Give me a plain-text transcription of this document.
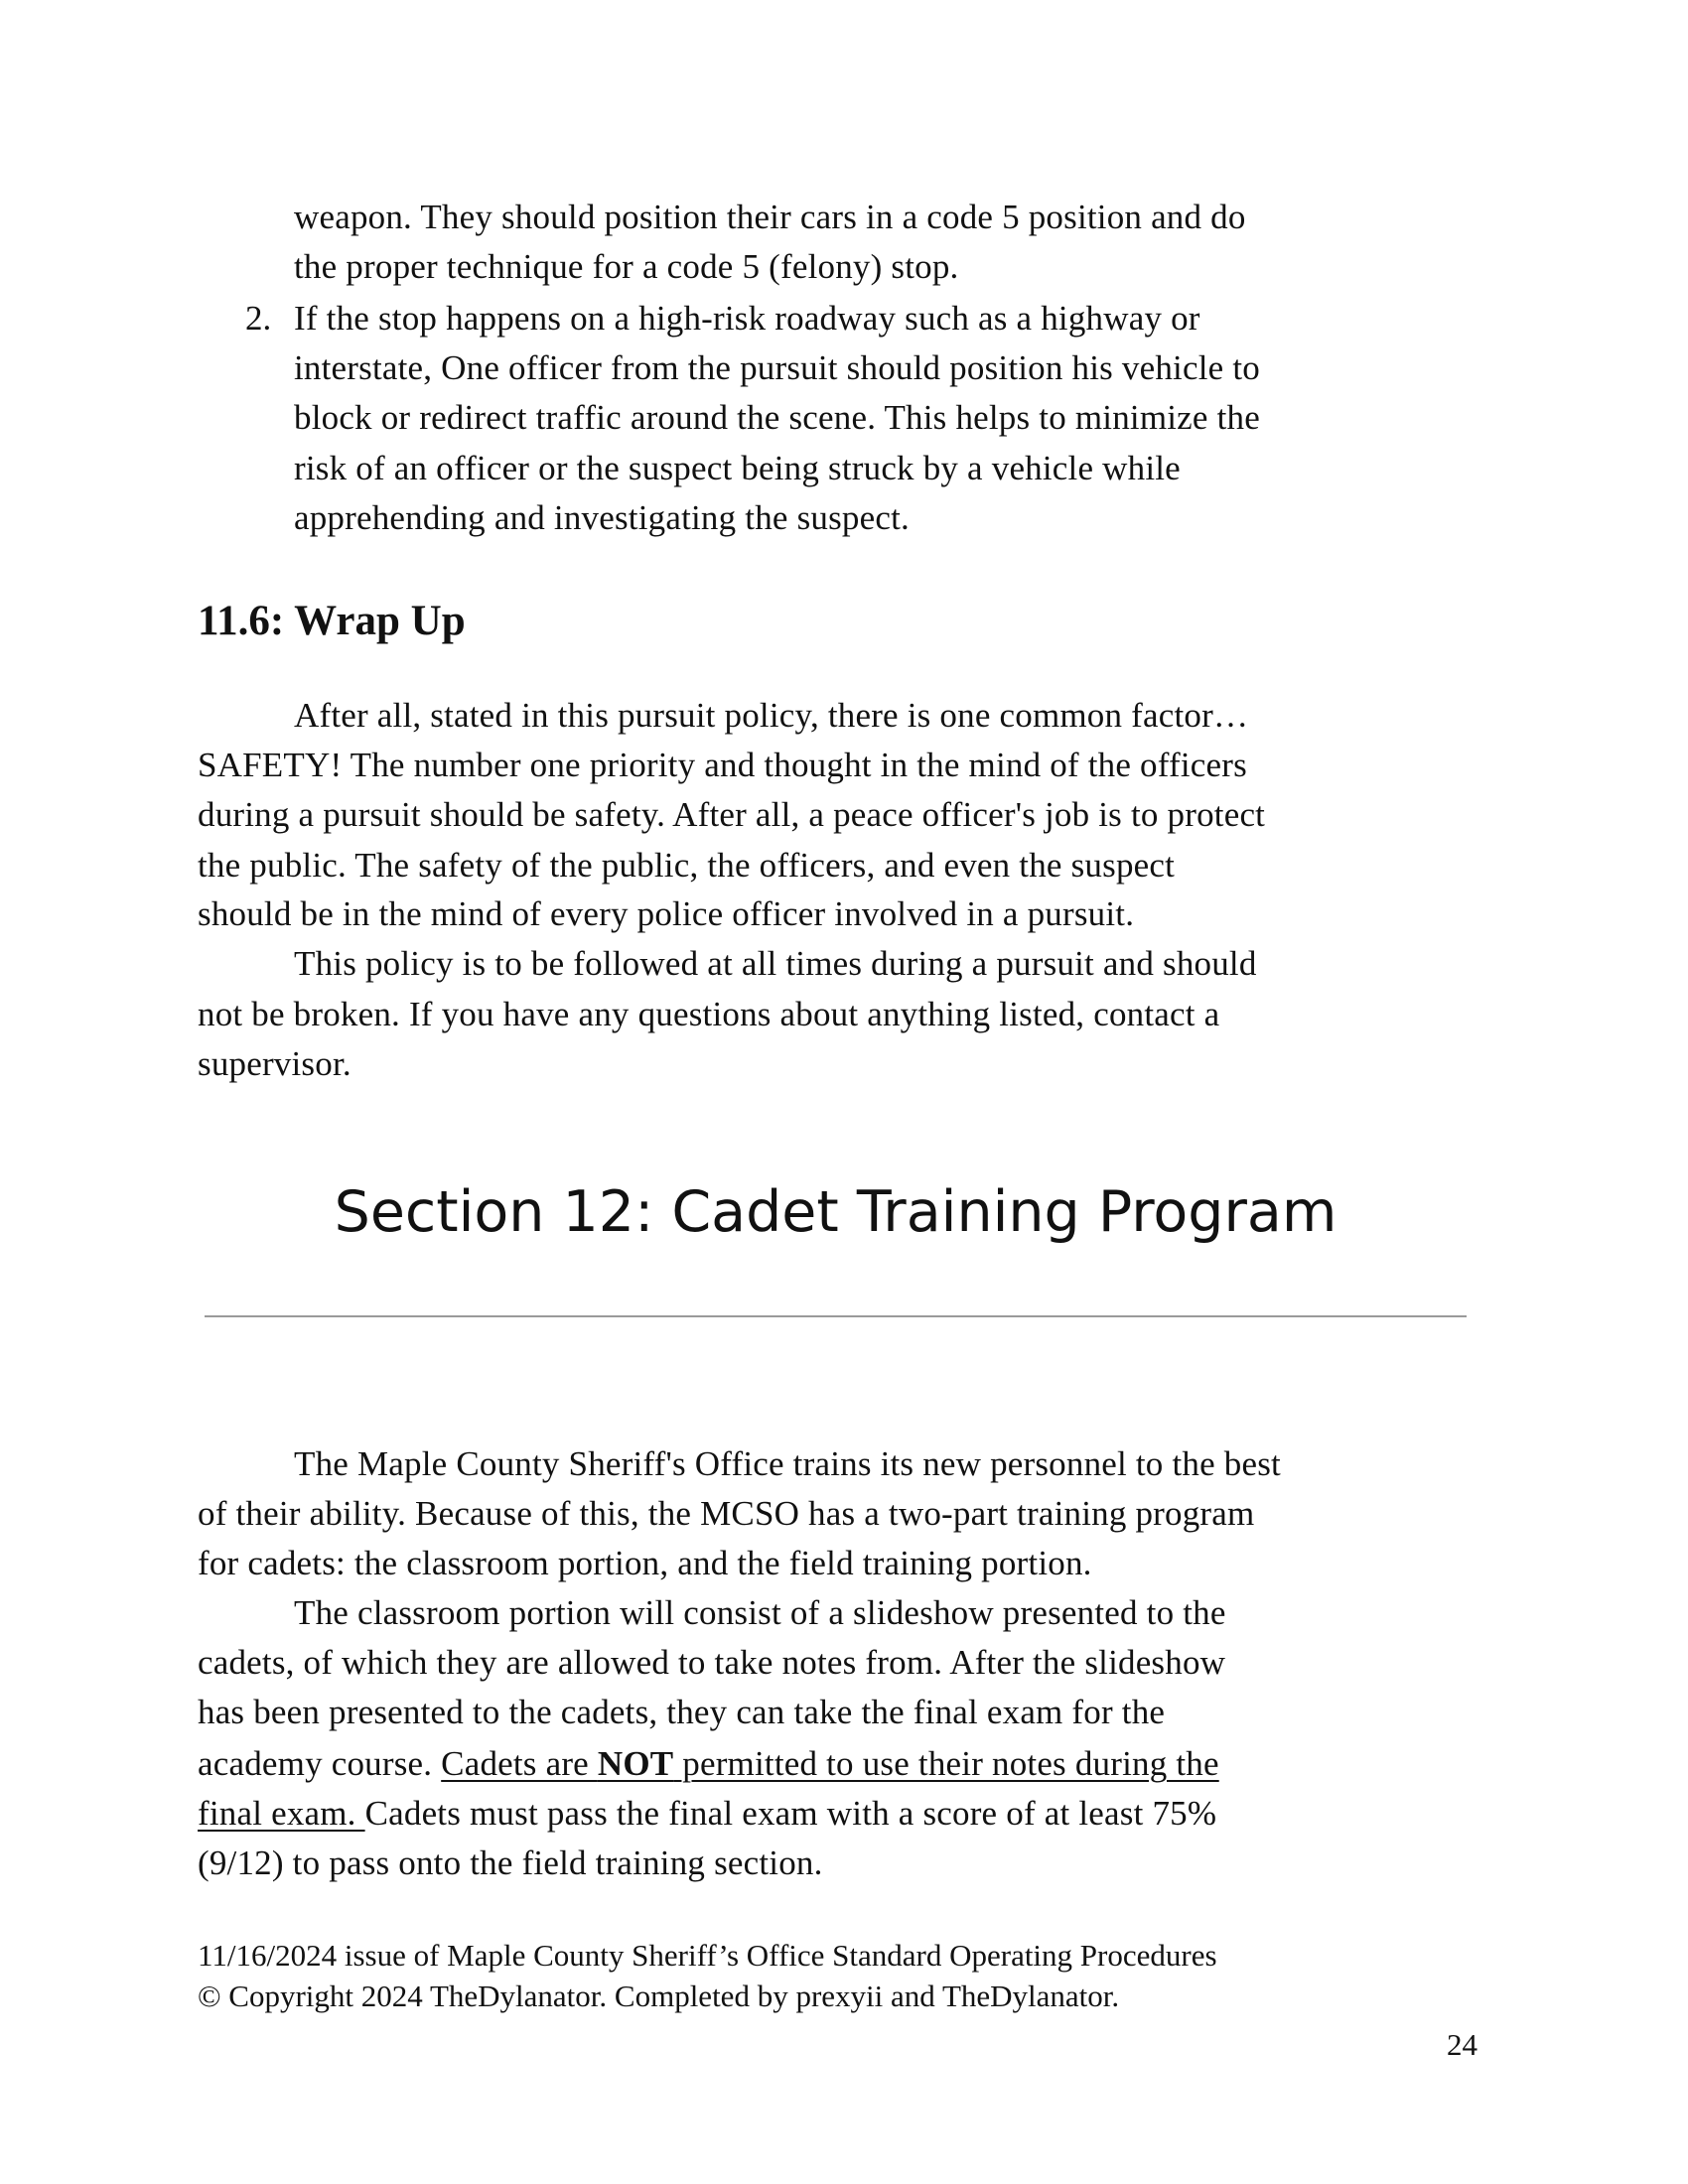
weapon. They should position their cars in a code 5 position and do
the proper technique for a code 5 (felony) stop.
2. If the stop happens on a high-risk roadway such as a highway or
interstate, One officer from the pursuit should position his vehicle to
block or redirect traffic around the scene. This helps to minimize the
risk of an officer or the suspect being struck by a vehicle while
apprehending and investigating the suspect.
11.6: Wrap Up
After all, stated in this pursuit policy, there is one common factor…
SAFETY! The number one priority and thought in the mind of the officers
during a pursuit should be safety. After all, a peace officer's job is to protect
the public. The safety of the public, the officers, and even the suspect
should be in the mind of every police officer involved in a pursuit.
This policy is to be followed at all times during a pursuit and should
not be broken. If you have any questions about anything listed, contact a
supervisor.
Section 12: Cadet Training Program
The Maple County Sheriff's Office trains its new personnel to the best
of their ability. Because of this, the MCSO has a two-part training program
for cadets: the classroom portion, and the field training portion.
The classroom portion will consist of a slideshow presented to the
cadets, of which they are allowed to take notes from. After the slideshow
has been presented to the cadets, they can take the final exam for the
academy course. Cadets are NOT permitted to use their notes during the
final exam. Cadets must pass the final exam with a score of at least 75%
(9/12) to pass onto the field training section.
11/16/2024 issue of Maple County Sheriff’s Office Standard Operating Procedures
© Copyright 2024 TheDylanator. Completed by prexyii and TheDylanator.
24
